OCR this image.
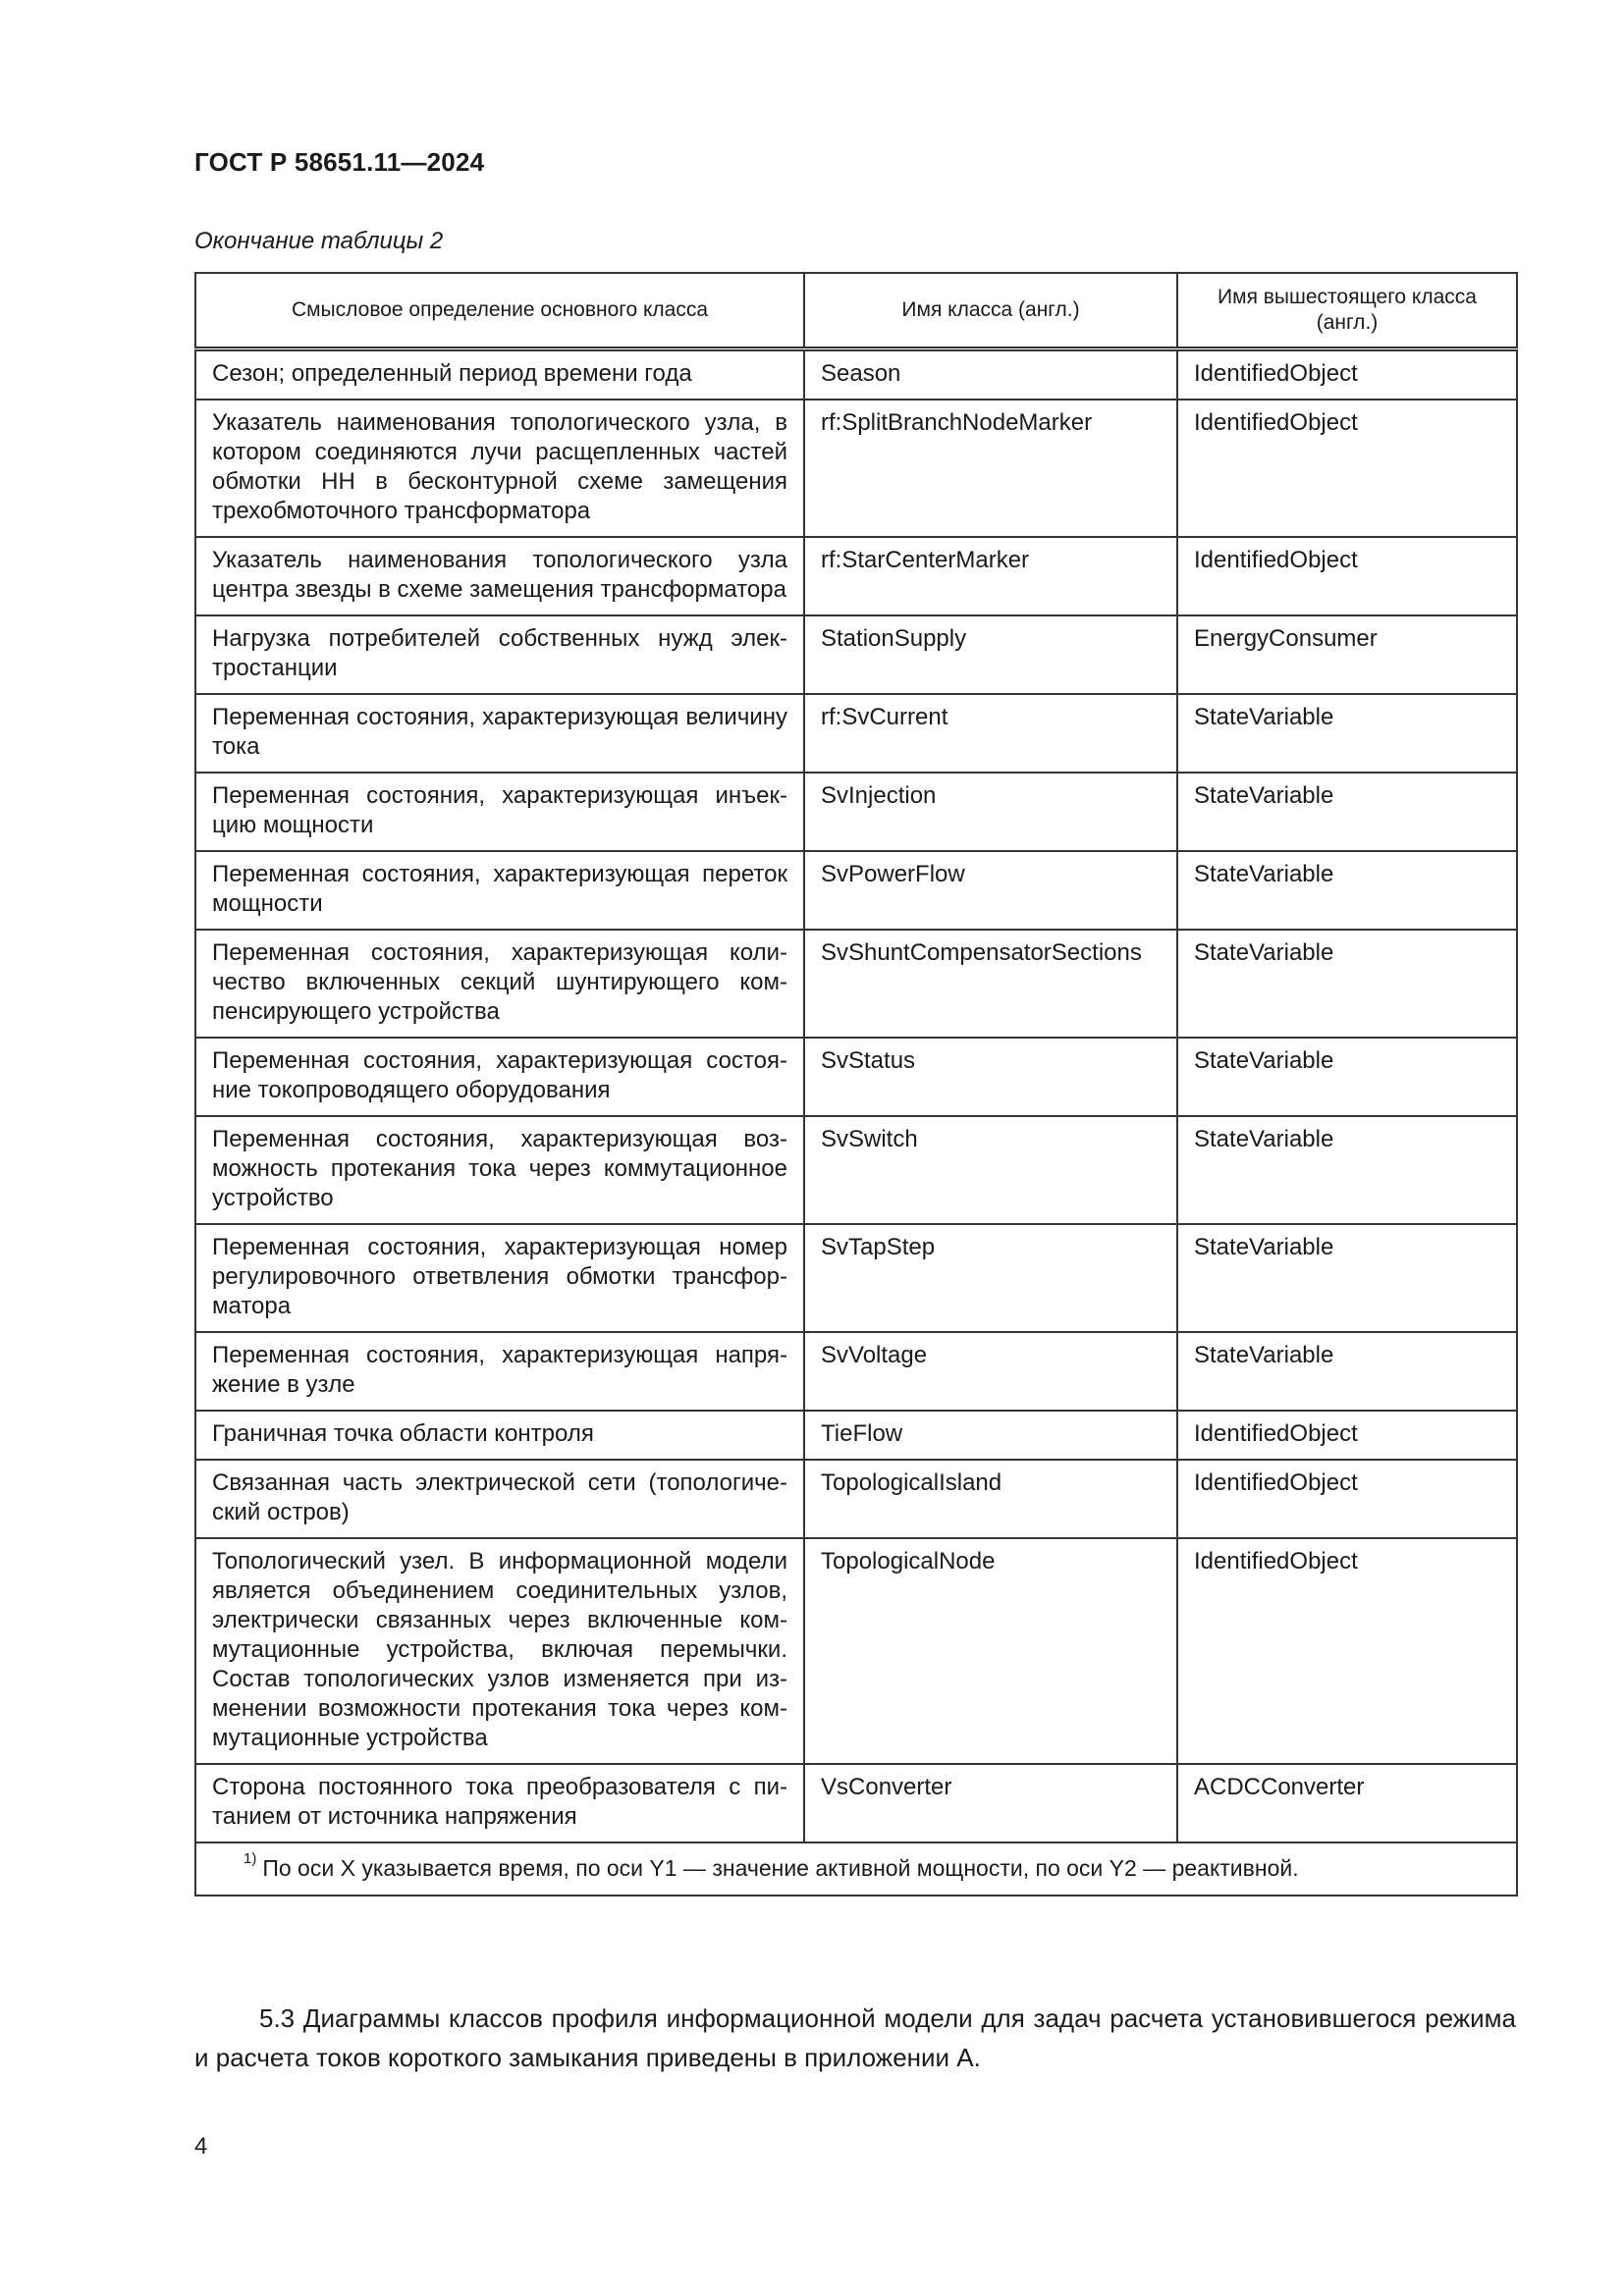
ГОСТ Р 58651.11—2024
Окончание таблицы 2
Смысловое определение основного класса	Имя класса (англ.)	Имя вышестоящего класса (англ.)
Сезон; определенный период времени года	Season	IdentifiedObject
Указатель наименования топологического узла, в котором соединяются лучи расщепленных частей обмотки НН в бесконтурной схеме замещения трехобмоточного трансформатора	rf:SplitBranchNodeMarker	IdentifiedObject
Указатель наименования топологического узла центра звезды в схеме замещения трансформатора	rf:StarCenterMarker	IdentifiedObject
Нагрузка потребителей собственных нужд электростанции	StationSupply	EnergyConsumer
Переменная состояния, характеризующая величину тока	rf:SvCurrent	StateVariable
Переменная состояния, характеризующая инъекцию мощности	SvInjection	StateVariable
Переменная состояния, характеризующая переток мощности	SvPowerFlow	StateVariable
Переменная состояния, характеризующая количество включенных секций шунтирующего компенсирующего устройства	SvShuntCompensatorSections	StateVariable
Переменная состояния, характеризующая состояние токопроводящего оборудования	SvStatus	StateVariable
Переменная состояния, характеризующая возможность протекания тока через коммутационное устройство	SvSwitch	StateVariable
Переменная состояния, характеризующая номер регулировочного ответвления обмотки трансформатора	SvTapStep	StateVariable
Переменная состояния, характеризующая напряжение в узле	SvVoltage	StateVariable
Граничная точка области контроля	TieFlow	IdentifiedObject
Связанная часть электрической сети (топологический остров)	TopologicalIsland	IdentifiedObject
Топологический узел. В информационной модели является объединением соединительных узлов, электрически связанных через включенные коммутационные устройства, включая перемычки. Состав топологических узлов изменяется при изменении возможности протекания тока через коммутационные устройства	TopologicalNode	IdentifiedObject
Сторона постоянного тока преобразователя с питанием от источника напряжения	VsConverter	ACDCConverter
$^{1)}$ По оси X указывается время, по оси Y1 — значение активной мощности, по оси Y2 — реактивной.		
5.3 Диаграммы классов профиля информационной модели для задач расчета установившегося режима и расчета токов короткого замыкания приведены в приложении А.
4
